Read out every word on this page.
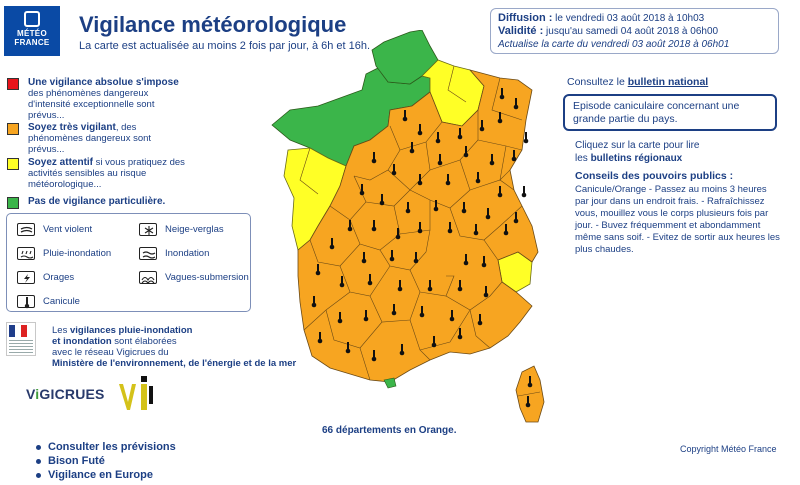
MÉTÉO
FRANCE
Vigilance météorologique
La carte est actualisée au moins 2 fois par jour, à 6h et 16h.
Diffusion : le vendredi 03 août 2018 à 10h03
Validité : jusqu'au samedi 04 août 2018 à 06h00
Actualise la carte du vendredi 03 août 2018 à 06h01
Une vigilance absolue s'impose
des phénomènes dangereux d'intensité exceptionnelle sont prévus...
Soyez très vigilant, des phénomènes dangereux sont prévus...
Soyez attentif si vous pratiquez des activités sensibles au risque météorologique...
Pas de vigilance particulière.
Vent violent	Neige-verglas
Pluie-inondation	Inondation
Orages	Vagues-submersion
Canicule
Les vigilances pluie-inondation
et inondation sont élaborées
avec le réseau Vigicrues du
Ministère de l'environnement, de l'énergie et de la mer
ViGICRUES
Consulter les prévisions
Bison Futé
Vigilance en Europe
66 départements en Orange.
Consultez le bulletin national
Episode caniculaire concernant une grande partie du pays.
Cliquez sur la carte pour lire
les bulletins régionaux
Conseils des pouvoirs publics :
Canicule/Orange - Passez au moins 3 heures par jour dans un endroit frais. - Rafraîchissez vous, mouillez vous le corps plusieurs fois par jour. - Buvez fréquemment et abondamment même sans soif. - Evitez de sortir aux heures les plus chaudes.
Copyright Météo France
